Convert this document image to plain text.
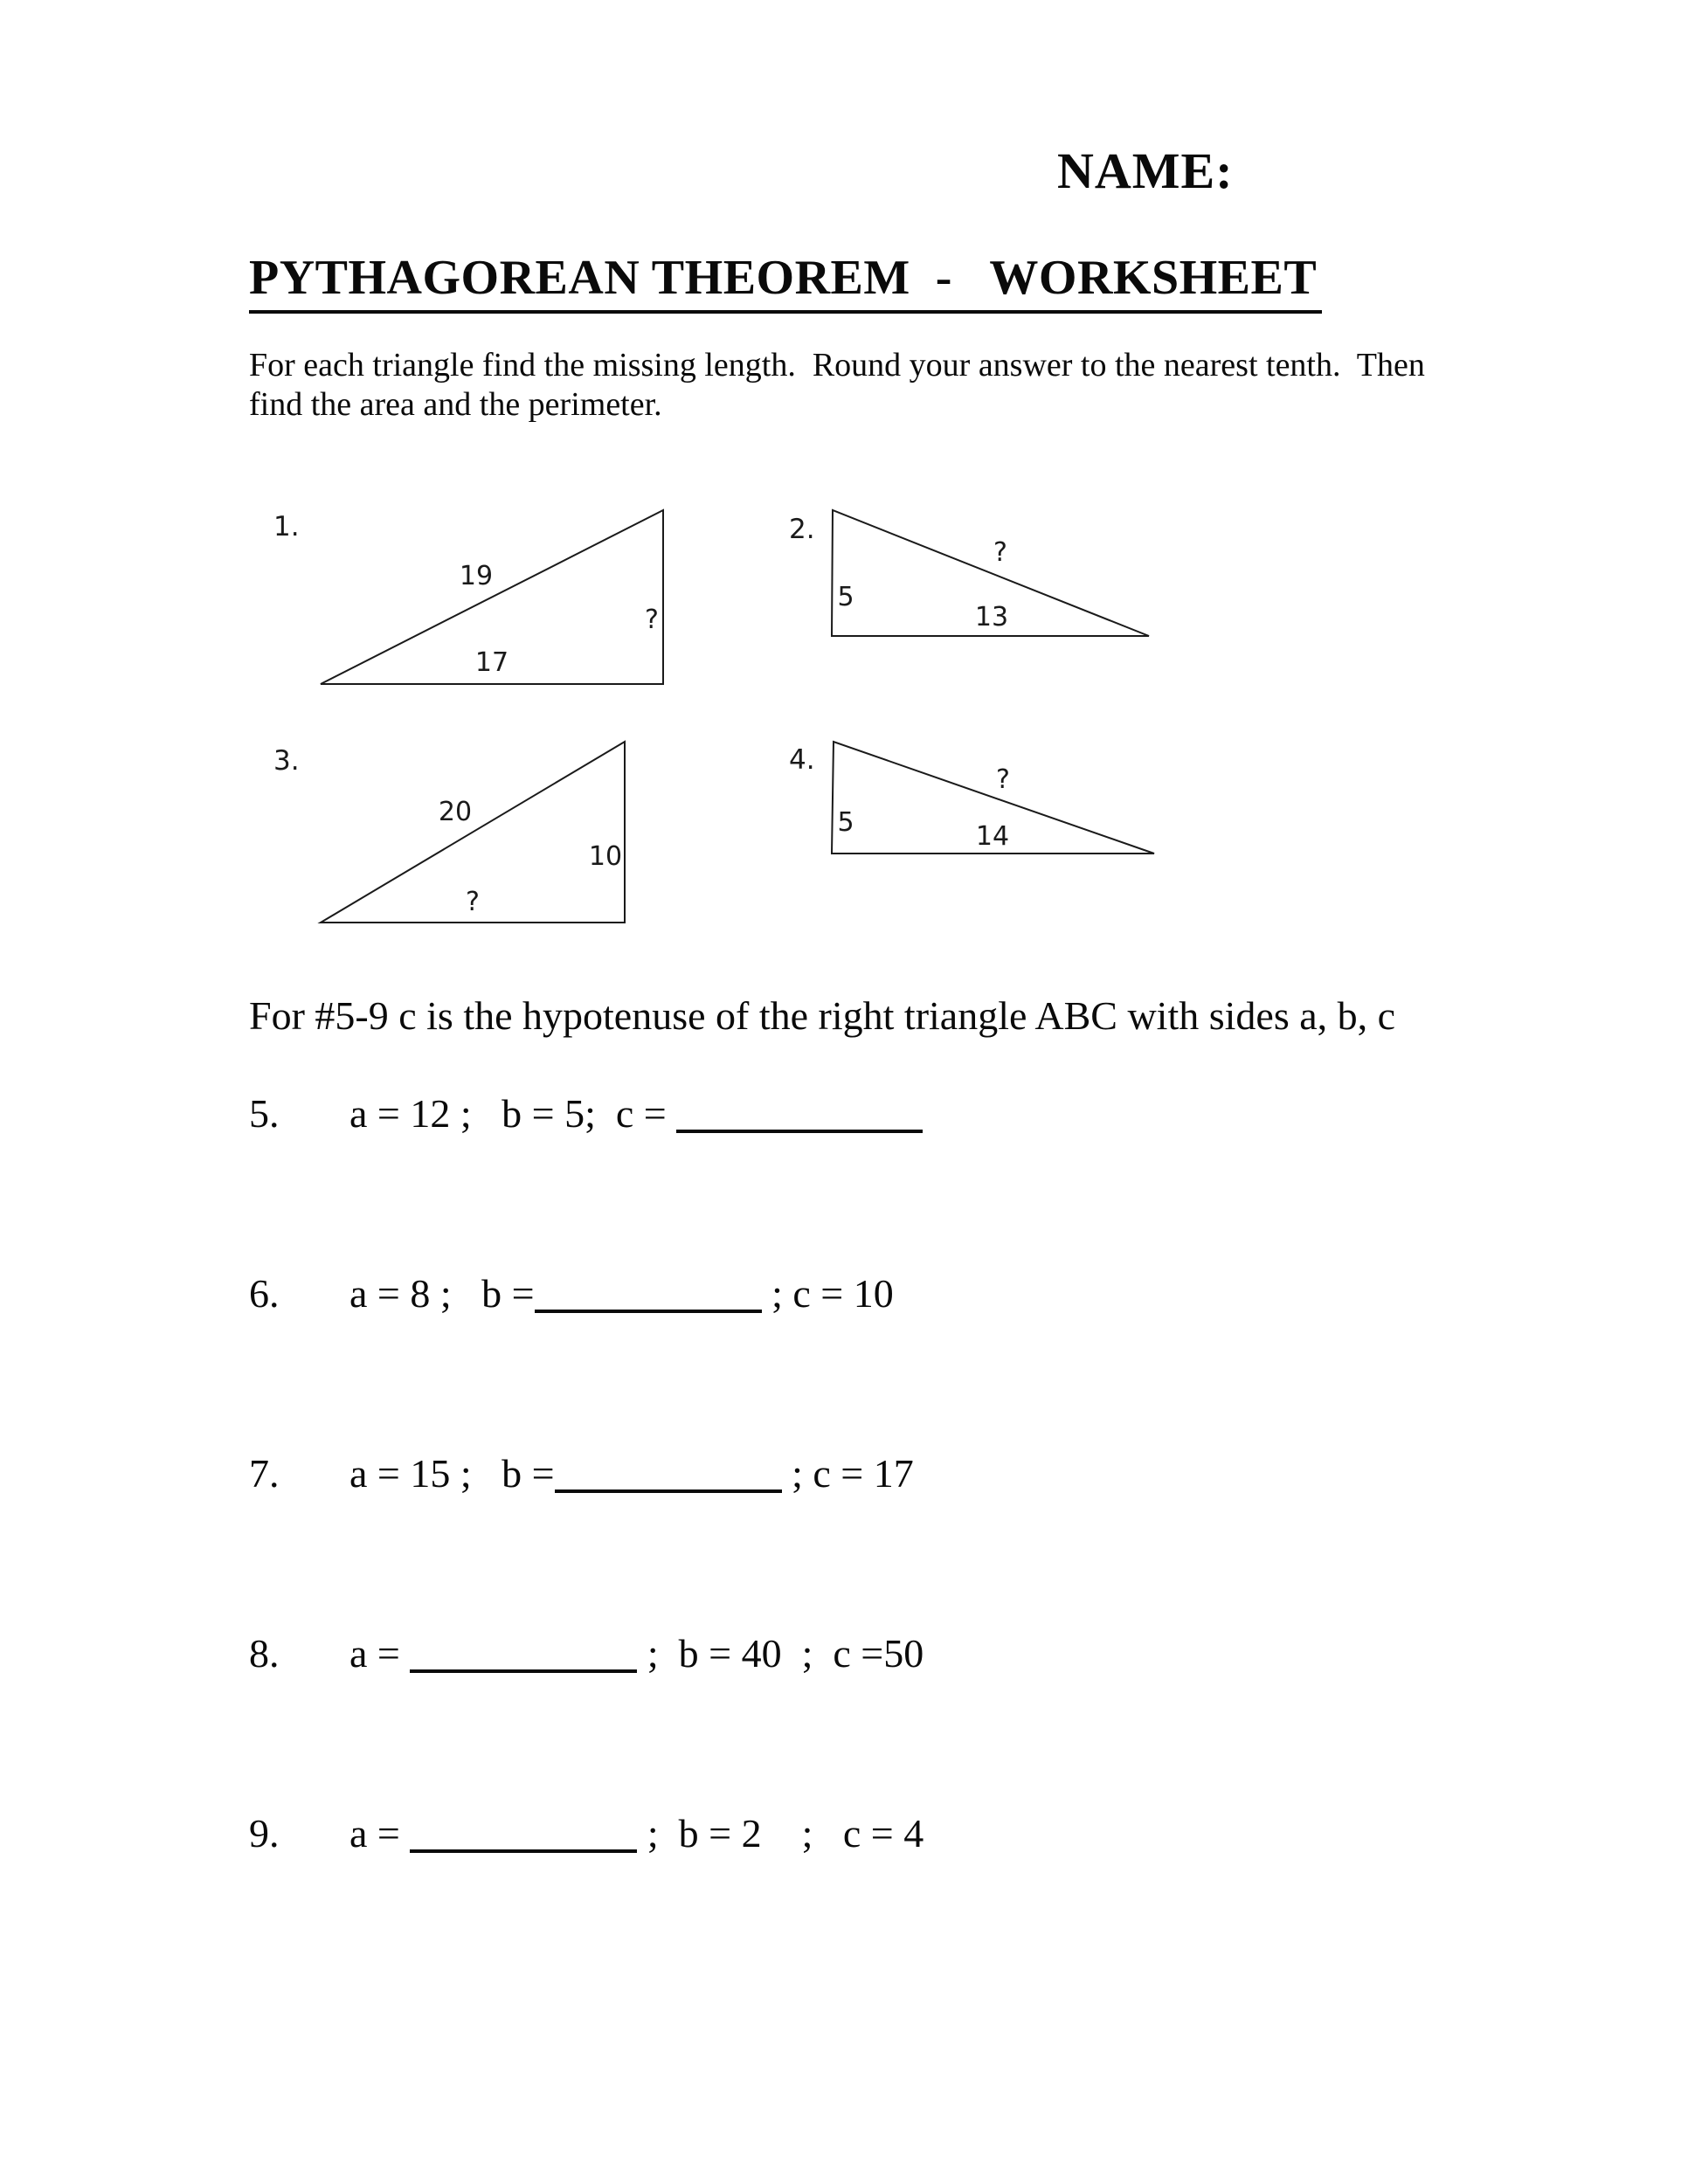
NAME:
PYTHAGOREAN THEOREM  -   WORKSHEET
For each triangle find the missing length.  Round your answer to the nearest tenth.  Then
find the area and the perimeter.
1.
19
17
?
2.
?
5
13
3.
20
10
?
4.
?
5	14
For #5-9 c is the hypotenuse of the right triangle ABC with sides a, b, c
5. a = 12 ;   b = 5;  c =
6. a = 8 ;   b =	; c = 10
7. a = 15 ;   b =	; c = 17
8. a =	;  b = 40  ;  c =50
9. a =	;  b = 2    ;   c = 4
